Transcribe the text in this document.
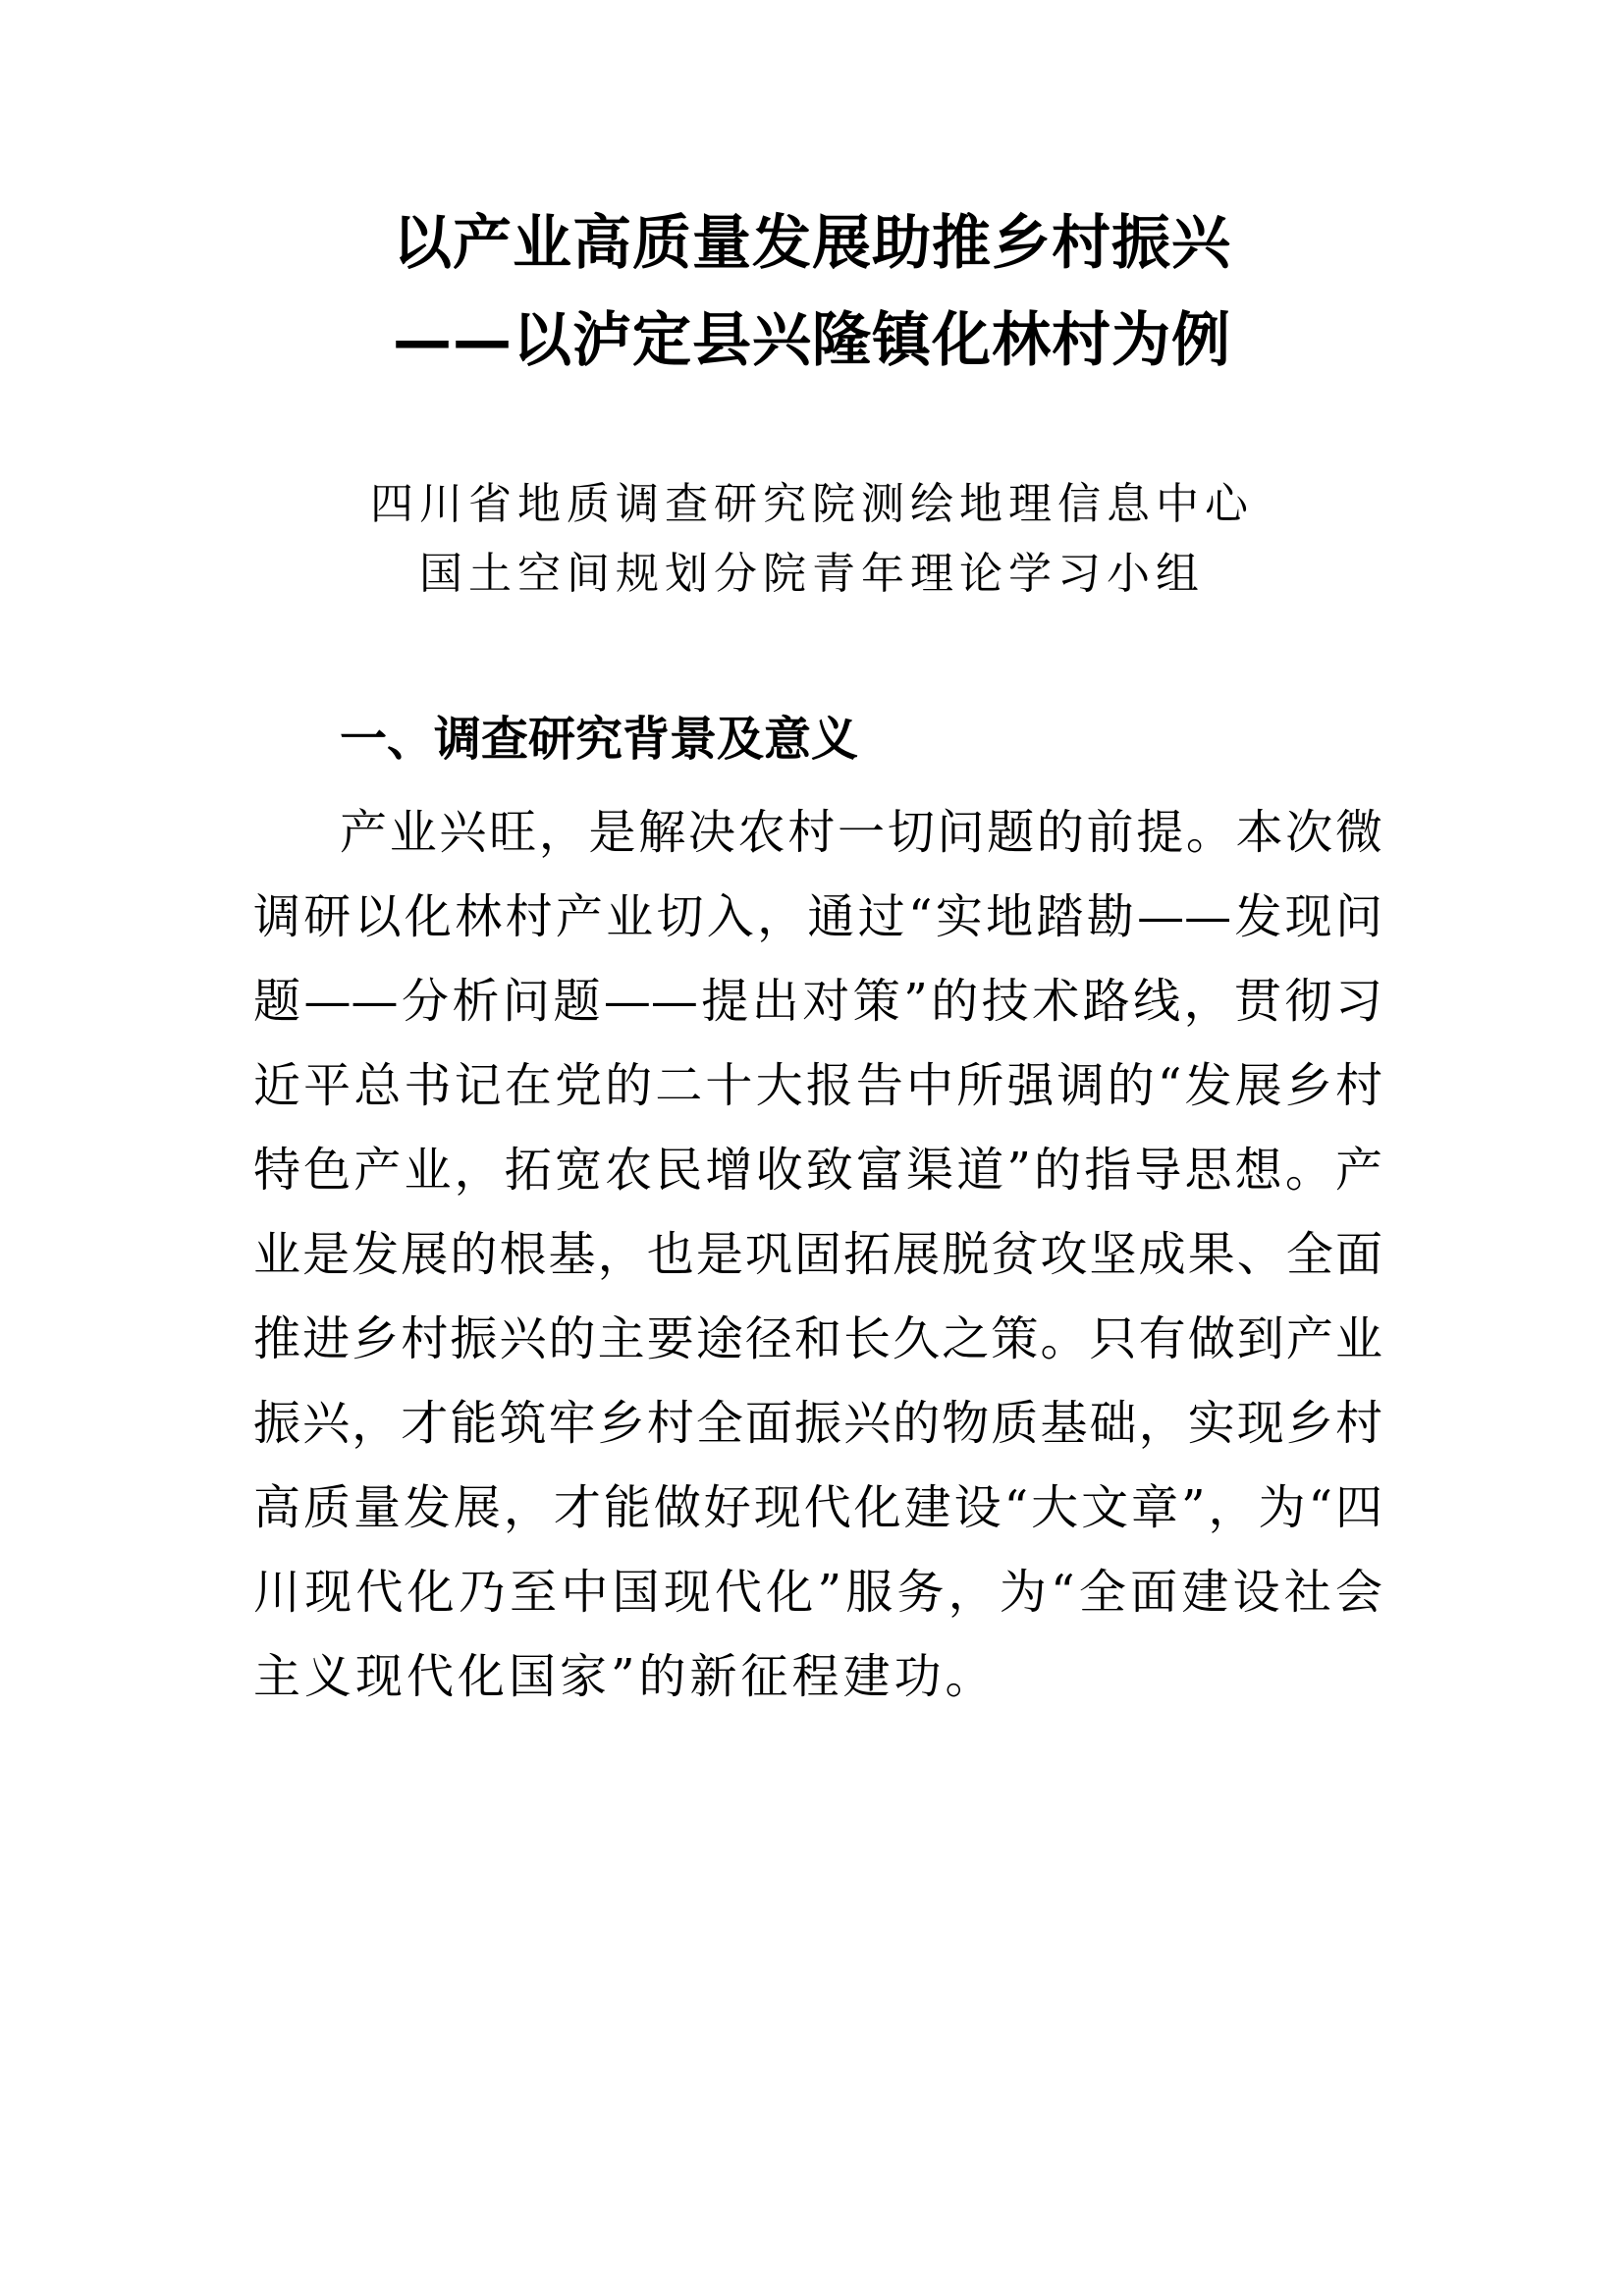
以产业高质量发展助推乡村振兴
——以泸定县兴隆镇化林村为例
四川省地质调查研究院测绘地理信息中心
国土空间规划分院青年理论学习小组
一、调查研究背景及意义
产业兴旺，是解决农村一切问题的前提。本次微
调研以化林村产业切入，通过“实地踏勘——发现问
题——分析问题——提出对策”的技术路线，贯彻习
近平总书记在党的二十大报告中所强调的“发展乡村
特色产业，拓宽农民增收致富渠道”的指导思想。产
业是发展的根基，也是巩固拓展脱贫攻坚成果、全面
推进乡村振兴的主要途径和长久之策。只有做到产业
振兴，才能筑牢乡村全面振兴的物质基础，实现乡村
高质量发展，才能做好现代化建设“大文章”，为“四
川现代化乃至中国现代化”服务，为“全面建设社会
主义现代化国家”的新征程建功。
